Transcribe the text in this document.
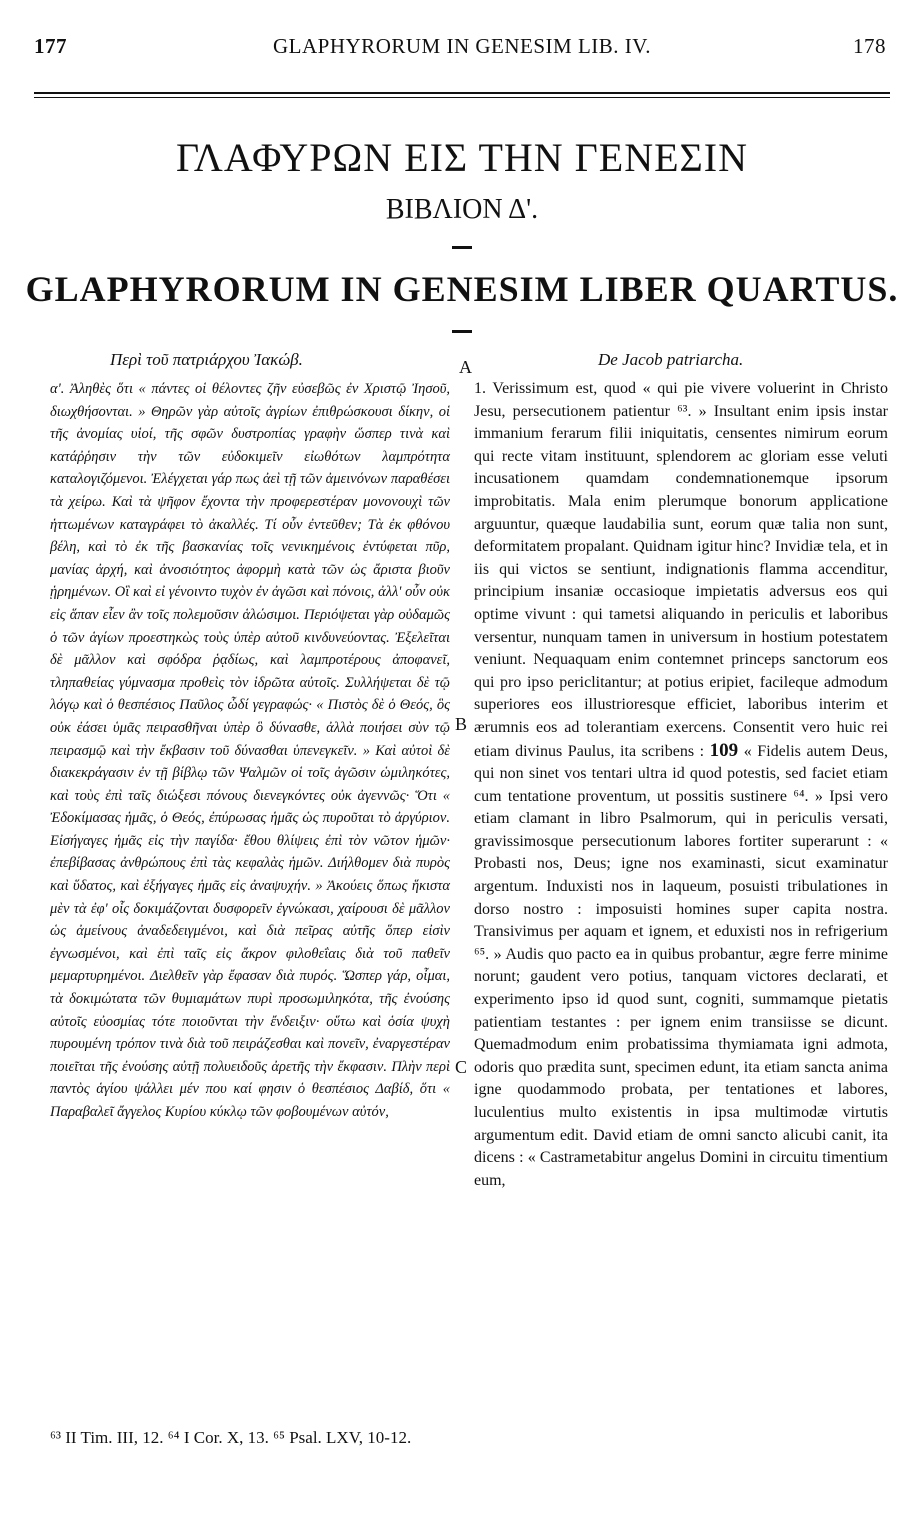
177	GLAPHYRORUM IN GENESIM LIB. IV.	178
ΓΛΑΦΥΡΩΝ ΕΙΣ ΤΗΝ ΓΕΝΕΣΙΝ
ΒΙΒΛΙΟΝ Δ'.
GLAPHYRORUM IN GENESIM LIBER QUARTUS.
Περὶ τοῦ πατριάρχου Ἰακώβ.	De Jacob patriarcha.
A
B
C

α'. Ἀληθὲς ὅτι « πάντες οἱ θέλοντες ζῆν εὐσεβῶς ἐν Χριστῷ Ἰησοῦ, διωχθήσονται. » Θηρῶν γὰρ αὐτοῖς ἀγρίων ἐπιθρώσκουσι δίκην, οἱ τῆς ἀνομίας υἱοί, τῆς σφῶν δυστροπίας γραφὴν ὥσπερ τινὰ καὶ κατάῤῥησιν τὴν τῶν εὐδοκιμεῖν εἰωθότων λαμπρότητα καταλογιζόμενοι. Ἐλέγχεται γάρ πως ἀεὶ τῇ τῶν ἀμεινόνων παραθέσει τὰ χείρω. Καὶ τὰ ψῆφον ἔχοντα τὴν προφερεστέραν μονονουχὶ τῶν ἡττωμένων καταγράφει τὸ ἀκαλλές. Τί οὖν ἐντεῦθεν; Τὰ ἐκ φθόνου βέλη, καὶ τὸ ἐκ τῆς βασκανίας τοῖς νενικημένοις ἐντύφεται πῦρ, μανίας ἀρχή, καὶ ἀνοσιότητος ἀφορμὴ κατὰ τῶν ὡς ἄριστα βιοῦν ᾑρημένων. Οἳ καὶ εἰ γένοιντο τυχὸν ἐν ἀγῶσι καὶ πόνοις, ἀλλ' οὖν οὐκ εἰς ἅπαν εἶεν ἂν τοῖς πολεμοῦσιν ἁλώσιμοι. Περιόψεται γὰρ οὐδαμῶς ὁ τῶν ἁγίων προεστηκὼς τοὺς ὑπὲρ αὐτοῦ κινδυνεύοντας. Ἐξελεῖται δὲ μᾶλλον καὶ σφόδρα ῥᾳδίως, καὶ λαμπροτέρους ἀποφανεῖ, τληπαθείας γύμνασμα προθεὶς τὸν ἱδρῶτα αὐτοῖς. Συλλήψεται δὲ τῷ λόγῳ καὶ ὁ θεσπέσιος Παῦλος ὧδί γεγραφώς· « Πιστὸς δὲ ὁ Θεός, ὃς οὐκ ἐάσει ὑμᾶς πειρασθῆναι ὑπὲρ ὃ δύνασθε, ἀλλὰ ποιήσει σὺν τῷ πειρασμῷ καὶ τὴν ἔκβασιν τοῦ δύνασθαι ὑπενεγκεῖν. » Καὶ αὐτοὶ δὲ διακεκράγασιν ἐν τῇ βίβλῳ τῶν Ψαλμῶν οἱ τοῖς ἀγῶσιν ὡμιληκότες, καὶ τοὺς ἐπὶ ταῖς διώξεσι πόνους διενεγκόντες οὐκ ἀγεννῶς· Ὅτι « Ἐδοκίμασας ἡμᾶς, ὁ Θεός, ἐπύρωσας ἡμᾶς ὡς πυροῦται τὸ ἀργύριον. Εἰσήγαγες ἡμᾶς εἰς τὴν παγίδα· ἔθου θλίψεις ἐπὶ τὸν νῶτον ἡμῶν· ἐπεβίβασας ἀνθρώπους ἐπὶ τὰς κεφαλὰς ἡμῶν. Διήλθομεν διὰ πυρὸς καὶ ὕδατος, καὶ ἐξήγαγες ἡμᾶς εἰς ἀναψυχήν. » Ἀκούεις ὅπως ἥκιστα μὲν τὰ ἐφ' οἷς δοκιμάζονται δυσφορεῖν ἐγνώκασι, χαίρουσι δὲ μᾶλλον ὡς ἀμείνους ἀναδεδειγμένοι, καὶ διὰ πεῖρας αὐτῆς ὅπερ εἰσὶν ἐγνωσμένοι, καὶ ἐπὶ ταῖς εἰς ἄκρον φιλοθεΐαις διὰ τοῦ παθεῖν μεμαρτυρημένοι. Διελθεῖν γὰρ ἔφασαν διὰ πυρός. Ὥσπερ γάρ, οἶμαι, τὰ δοκιμώτατα τῶν θυμιαμάτων πυρὶ προσωμιληκότα, τῆς ἐνούσης αὐτοῖς εὐοσμίας τότε ποιοῦνται τὴν ἔνδειξιν· οὕτω καὶ ὁσία ψυχὴ πυρουμένη τρόπον τινὰ διὰ τοῦ πειράζεσθαι καὶ πονεῖν, ἐναργεστέραν ποιεῖται τῆς ἐνούσης αὐτῇ πολυειδοῦς ἀρετῆς τὴν ἔκφασιν. Πλὴν περὶ παντὸς ἁγίου ψάλλει μέν που καί φησιν ὁ θεσπέσιος Δαβίδ, ὅτι « Παραβαλεῖ ἄγγελος Κυρίου κύκλῳ τῶν φοβουμένων αὐτόν,

1. Verissimum est, quod « qui pie vivere voluerint in Christo Jesu, persecutionem patientur ⁶³. » Insultant enim ipsis instar immanium ferarum filii iniquitatis, censentes nimirum eorum qui recte vitam instituunt, splendorem ac gloriam esse veluti incusationem quamdam condemnationemque ipsorum improbitatis. Mala enim plerumque bonorum applicatione arguuntur, quæque laudabilia sunt, eorum quæ talia non sunt, deformitatem propalant. Quidnam igitur hinc? Invidiæ tela, et in iis qui victos se sentiunt, indignationis flamma accenditur, principium insaniæ occasioque impietatis adversus eos qui optime vivunt : qui tametsi aliquando in periculis et laboribus versentur, nunquam tamen in universum in hostium potestatem veniunt. Nequaquam enim contemnet princeps sanctorum eos qui pro ipso periclitantur; at potius eripiet, facileque admodum superiores eos illustrioresque efficiet, laboribus interim et ærumnis eos ad tolerantiam exercens. Consentit vero huic rei etiam divinus Paulus, ita scribens : 109 « Fidelis autem Deus, qui non sinet vos tentari ultra id quod potestis, sed faciet etiam cum tentatione proventum, ut possitis sustinere ⁶⁴. » Ipsi vero etiam clamant in libro Psalmorum, qui in periculis versati, gravissimosque persecutionum labores fortiter superarunt : « Probasti nos, Deus; igne nos examinasti, sicut examinatur argentum. Induxisti nos in laqueum, posuisti tribulationes in dorso nostro : imposuisti homines super capita nostra. Transivimus per aquam et ignem, et eduxisti nos in refrigerium ⁶⁵. » Audis quo pacto ea in quibus probantur, ægre ferre minime norunt; gaudent vero potius, tanquam victores declarati, et experimento ipso id quod sunt, cogniti, summamque pietatis patientiam testantes : per ignem enim transiisse se dicunt. Quemadmodum enim probatissima thymiamata igni admota, odoris quo prædita sunt, specimen edunt, ita etiam sancta anima igne quodammodo probata, per tentationes et labores, luculentius multo existentis in ipsa multimodæ virtutis argumentum edit. David etiam de omni sancto alicubi canit, ita dicens : « Castrametabitur angelus Domini in circuitu timentium eum,

⁶³ II Tim. III, 12. ⁶⁴ I Cor. X, 13. ⁶⁵ Psal. LXV, 10-12.
